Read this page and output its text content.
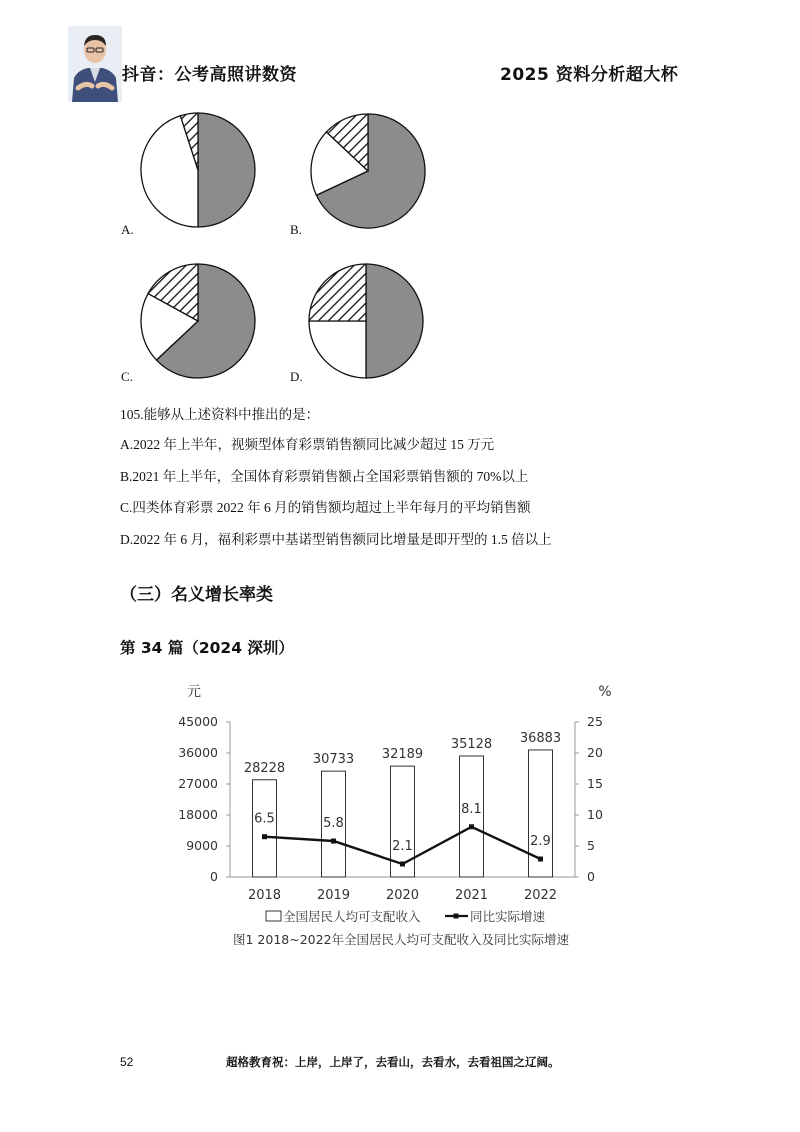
抖音：公考高照讲数资	2025 资料分析超大杯
A.	B.
C.	D.
105.能够从上述资料中推出的是：
A.2022 年上半年，视频型体育彩票销售额同比减少超过 15 万元
B.2021 年上半年，全国体育彩票销售额占全国彩票销售额的 70%以上
C.四类体育彩票 2022 年 6 月的销售额均超过上半年每月的平均销售额
D.2022 年 6 月，福利彩票中基诺型销售额同比增量是即开型的 1.5 倍以上
（三）名义增长率类
第 34 篇（2024 深圳）
元	%
0
9000
18000
27000
36000
45000
0
5
10
15
20
25
28228
2018
30733
2019
32189
2020
35128
2021
36883
2022
6.5	5.8
2.1
8.1
2.9
全国居民人均可支配收入	同比实际增速
图1 2018~2022年全国居民人均可支配收入及同比实际增速
52	超格教育祝：上岸，上岸了，去看山，去看水，去看祖国之辽阔。
